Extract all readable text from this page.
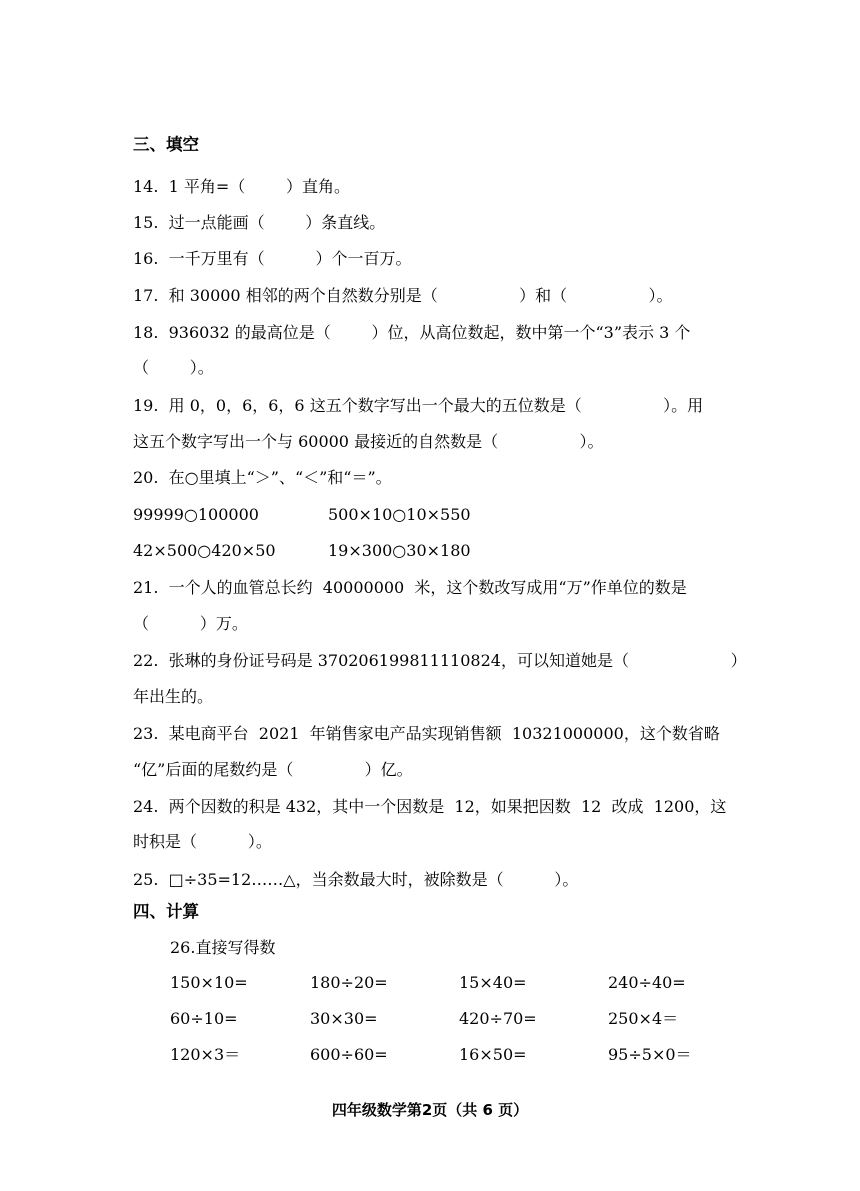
三、填空
14.  1 平角=（        ）直角。
15.  过一点能画（        ）条直线。
16.  一千万里有（          ）个一百万。
17.  和 30000 相邻的两个自然数分别是（                ）和（                ）。
18.  936032 的最高位是（        ）位，从高位数起，数中第一个“3”表示 3 个
（        ）。
19.  用 0，0，6，6，6 这五个数字写出一个最大的五位数是（                ）。用
这五个数字写出一个与 60000 最接近的自然数是（                ）。
20.  在○里填上“＞”、“＜”和“＝”。
99999○100000	500×10○10×550
42×500○420×50	19×300○30×180
21.  一个人的血管总长约  40000000  米，这个数改写成用“万”作单位的数是
（          ）万。
22.  张琳的身份证号码是 370206199811110824，可以知道她是（                    ）
年出生的。
23.  某电商平台  2021  年销售家电产品实现销售额  10321000000，这个数省略
“亿”后面的尾数约是（              ）亿。
24.  两个因数的积是 432，其中一个因数是  12，如果把因数  12  改成  1200，这
时积是（          ）。
25.  □÷35=12……△，当余数最大时，被除数是（          ）。
四、计算
26.直接写得数
150×10=	180÷20=	15×40=	240÷40=
60÷10=	30×30=	420÷70=	250×4＝
120×3＝	600÷60=	16×50=	95÷5×0＝
四年级数学第2页（共 6 页）
